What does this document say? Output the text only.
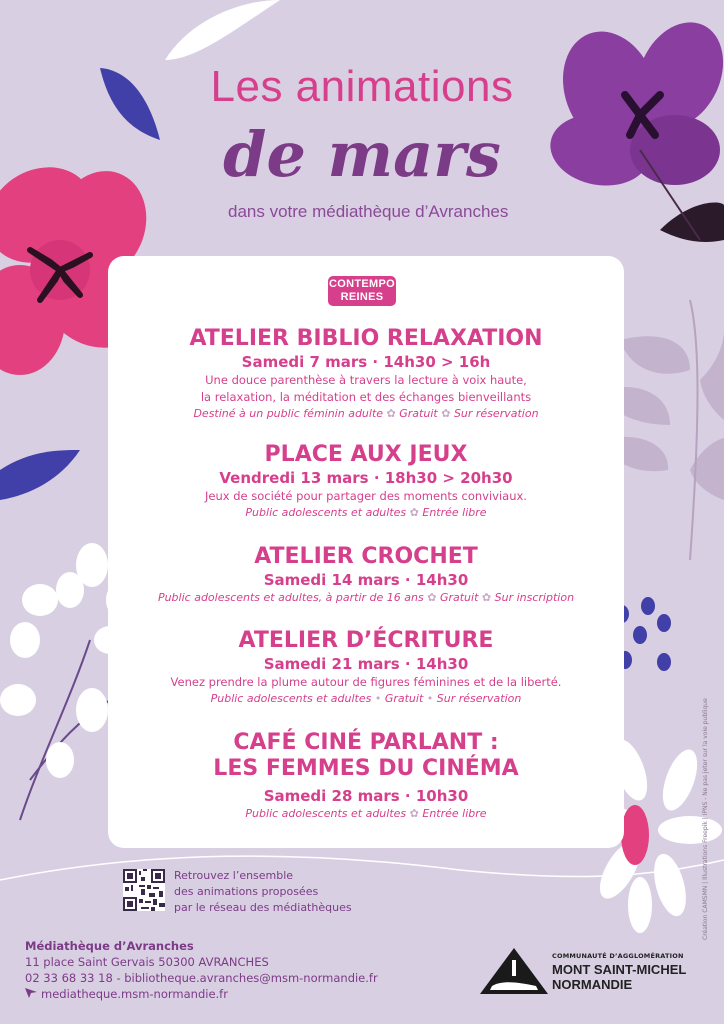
Les animations
de mars
dans votre médiathèque d’Avranches
CONTEMPO
REINES
ATELIER BIBLIO RELAXATION
Samedi 7 mars · 14h30 > 16h
Une douce parenthèse à travers la lecture à voix haute,
la relaxation, la méditation et des échanges bienveillants
Destiné à un public féminin adulte ✿ Gratuit ✿ Sur réservation
PLACE AUX JEUX
Vendredi 13 mars · 18h30 > 20h30
Jeux de société pour partager des moments conviviaux.
Public adolescents et adultes ✿ Entrée libre
ATELIER CROCHET
Samedi 14 mars · 14h30
Public adolescents et adultes, à partir de 16 ans ✿ Gratuit ✿ Sur inscription
ATELIER D’ÉCRITURE
Samedi 21 mars · 14h30
Venez prendre la plume autour de figures féminines et de la liberté.
Public adolescents et adultes • Gratuit • Sur réservation
CAFÉ CINÉ PARLANT :
LES FEMMES DU CINÉMA
Samedi 28 mars · 10h30
Public adolescents et adultes ✿ Entrée libre
Retrouvez l’ensemble
des animations proposées
par le réseau des médiathèques
Médiathèque d’Avranches
11 place Saint Gervais 50300 AVRANCHES
02 33 68 33 18 - bibliotheque.avranches@msm-normandie.fr
mediatheque.msm-normandie.fr
COMMUNAUTÉ D’AGGLOMÉRATION
MONT SAINT-MICHEL
NORMANDIE
Création CAMSMN | Illustrations Freepik | IPNS - Ne pas jeter sur la voie publique
